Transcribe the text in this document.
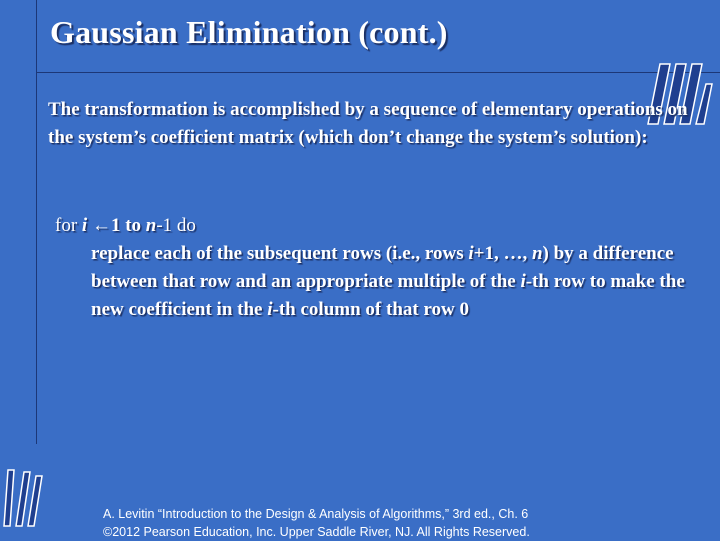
Gaussian Elimination (cont.)

The transformation is accomplished by a sequence of elementary operations on the system’s coefficient matrix (which don’t change the system’s solution):

for i ←1 to n-1 do
replace each of the subsequent rows (i.e., rows i+1, …, n) by a difference between that row and an appropriate multiple of the i-th row to make the new coefficient in the i-th column of that row 0
A. Levitin “Introduction to the Design & Analysis of Algorithms,” 3rd ed., Ch. 6
©2012 Pearson Education, Inc. Upper Saddle River, NJ. All Rights Reserved.
